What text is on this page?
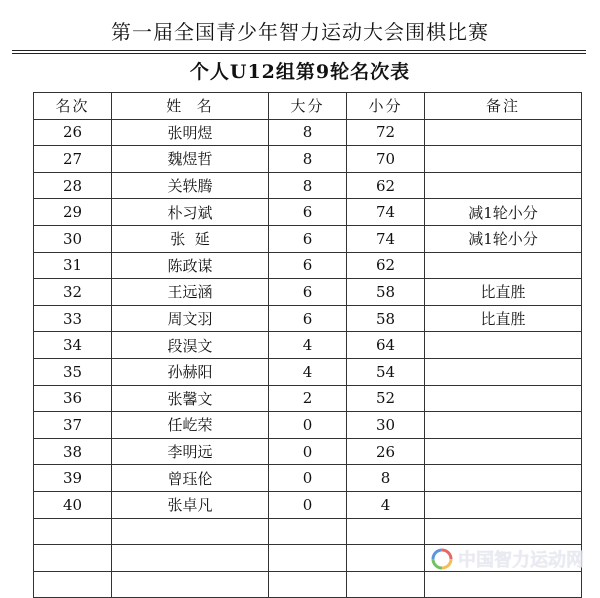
第一届全国青少年智力运动大会围棋比赛
个人U12组第9轮名次表
名次	姓  名	大分	小分	备注
26	张明煜	8	72	
27	魏煜哲	8	70	
28	关轶腾	8	62	
29	朴习斌	6	74	减1轮小分
30	张  延	6	74	减1轮小分
31	陈政谋	6	62	
32	王远涵	6	58	比直胜
33	周文羽	6	58	比直胜
34	段淏文	4	64	
35	孙赫阳	4	54	
36	张馨文	2	52	
37	任屹荣	0	30	
38	李明远	0	26	
39	曾珏伦	0	8	
40	张卓凡	0	4	

中国智力运动网
